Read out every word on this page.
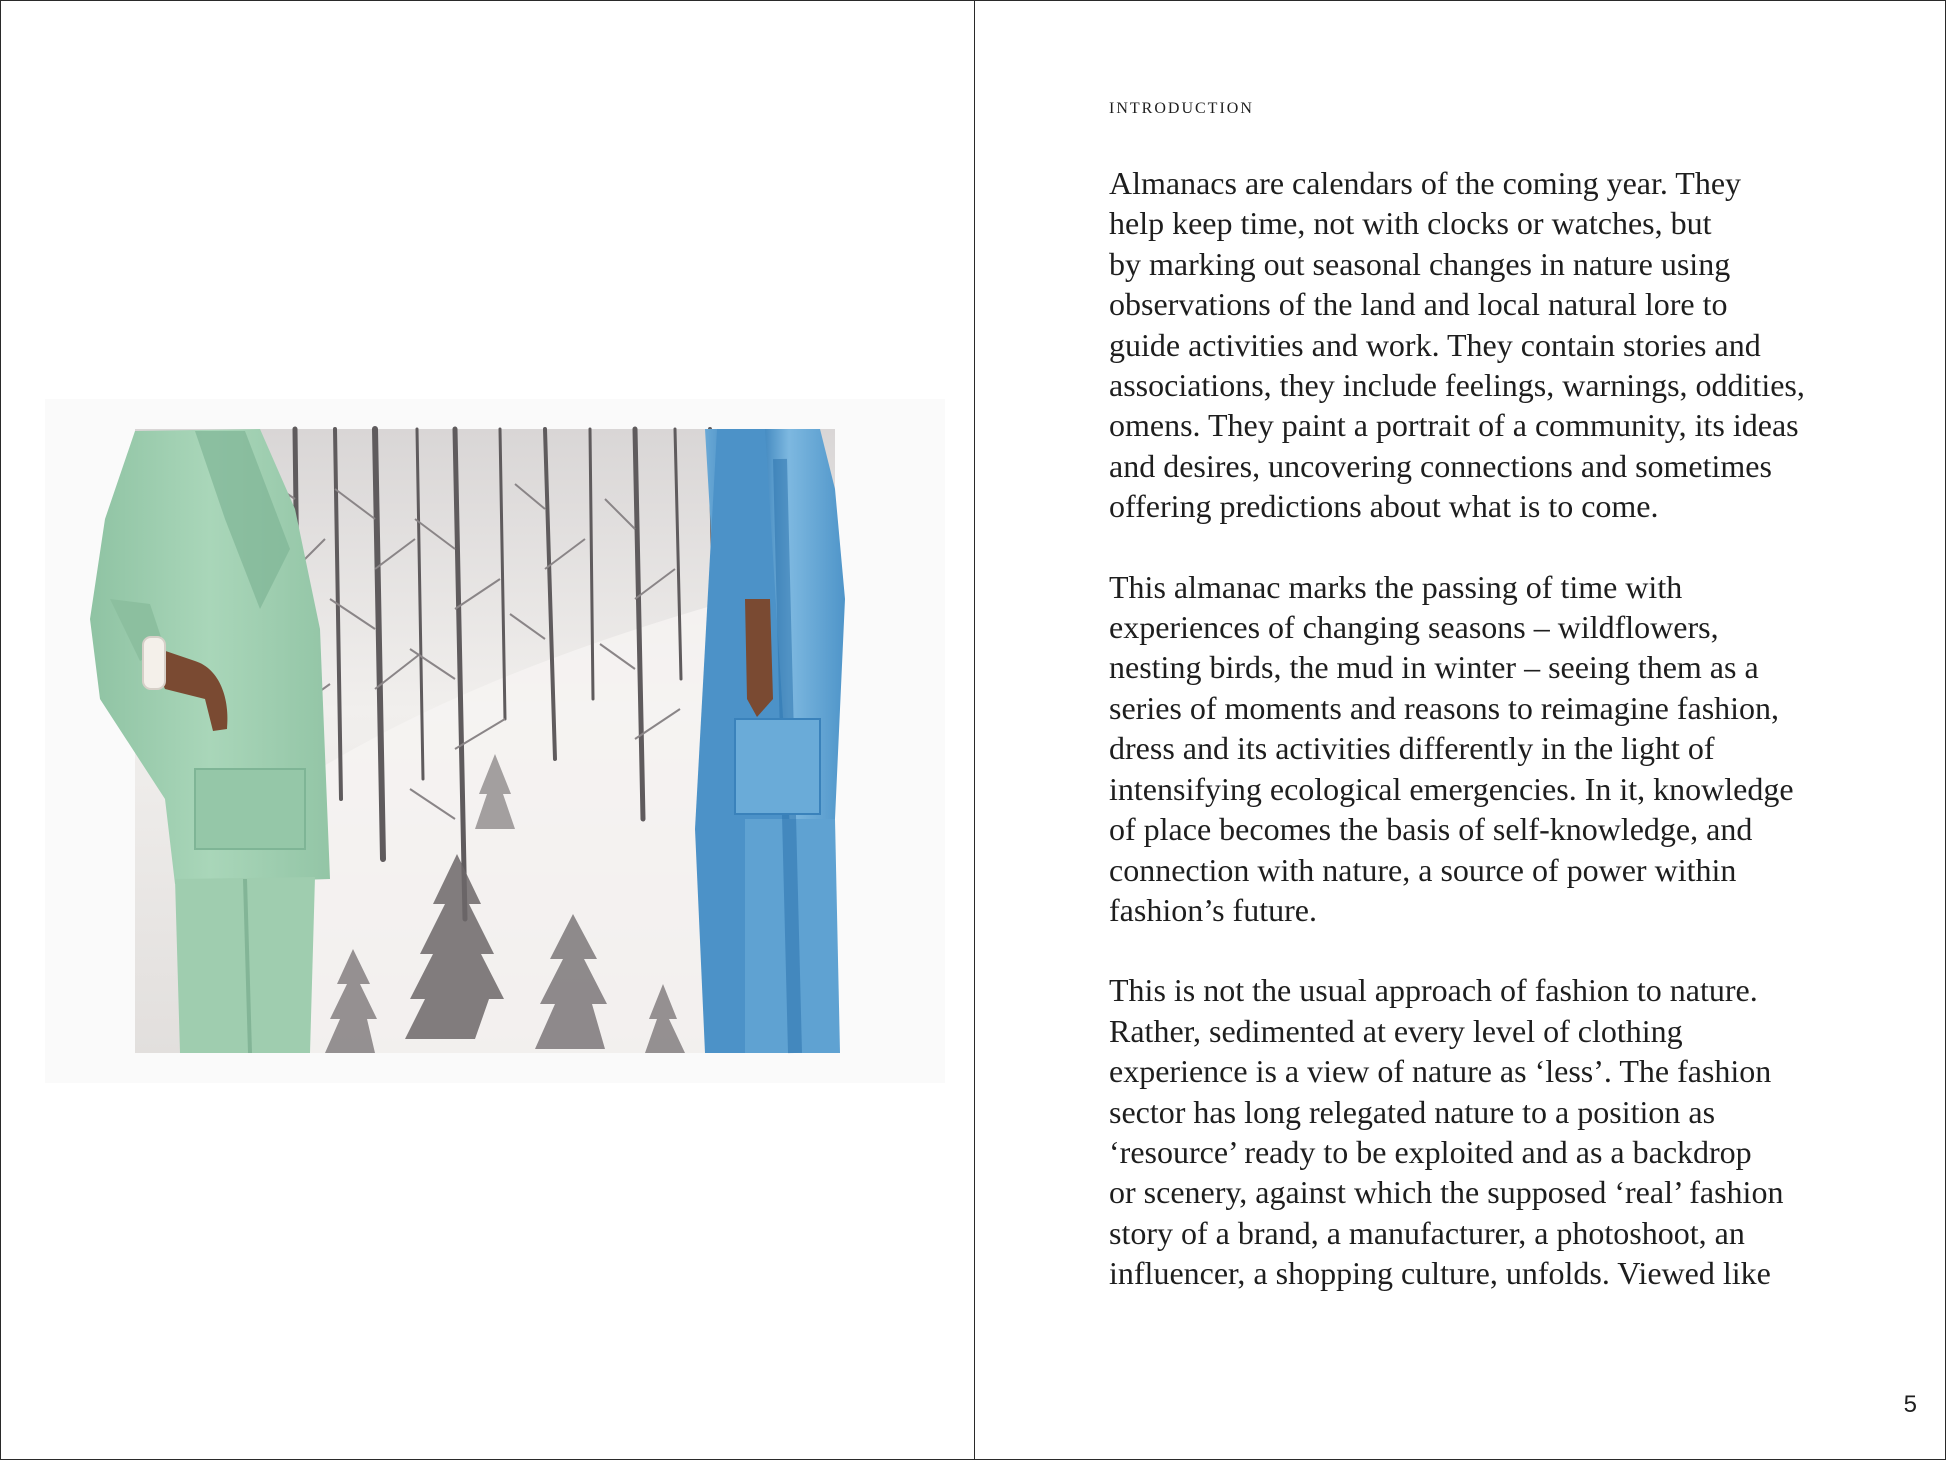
introduction

Almanacs are calendars of the coming year. They
help keep time, not with clocks or watches, but
by marking out seasonal changes in nature using
observations of the land and local natural lore to
guide activities and work. They contain stories and
associations, they include feelings, warnings, oddities,
omens. They paint a portrait of a community, its ideas
and desires, uncovering connections and sometimes
offering predictions about what is to come.

This almanac marks the passing of time with
experiences of changing seasons – wildflowers,
nesting birds, the mud in winter – seeing them as a
series of moments and reasons to reimagine fashion,
dress and its activities differently in the light of
intensifying ecological emergencies. In it, knowledge
of place becomes the basis of self-knowledge, and
connection with nature, a source of power within
fashion’s future.

This is not the usual approach of fashion to nature.
Rather, sedimented at every level of clothing
experience is a view of nature as ‘less’. The fashion
sector has long relegated nature to a position as
‘resource’ ready to be exploited and as a backdrop
or scenery, against which the supposed ‘real’ fashion
story of a brand, a manufacturer, a photoshoot, an
influencer, a shopping culture, unfolds. Viewed like

5
